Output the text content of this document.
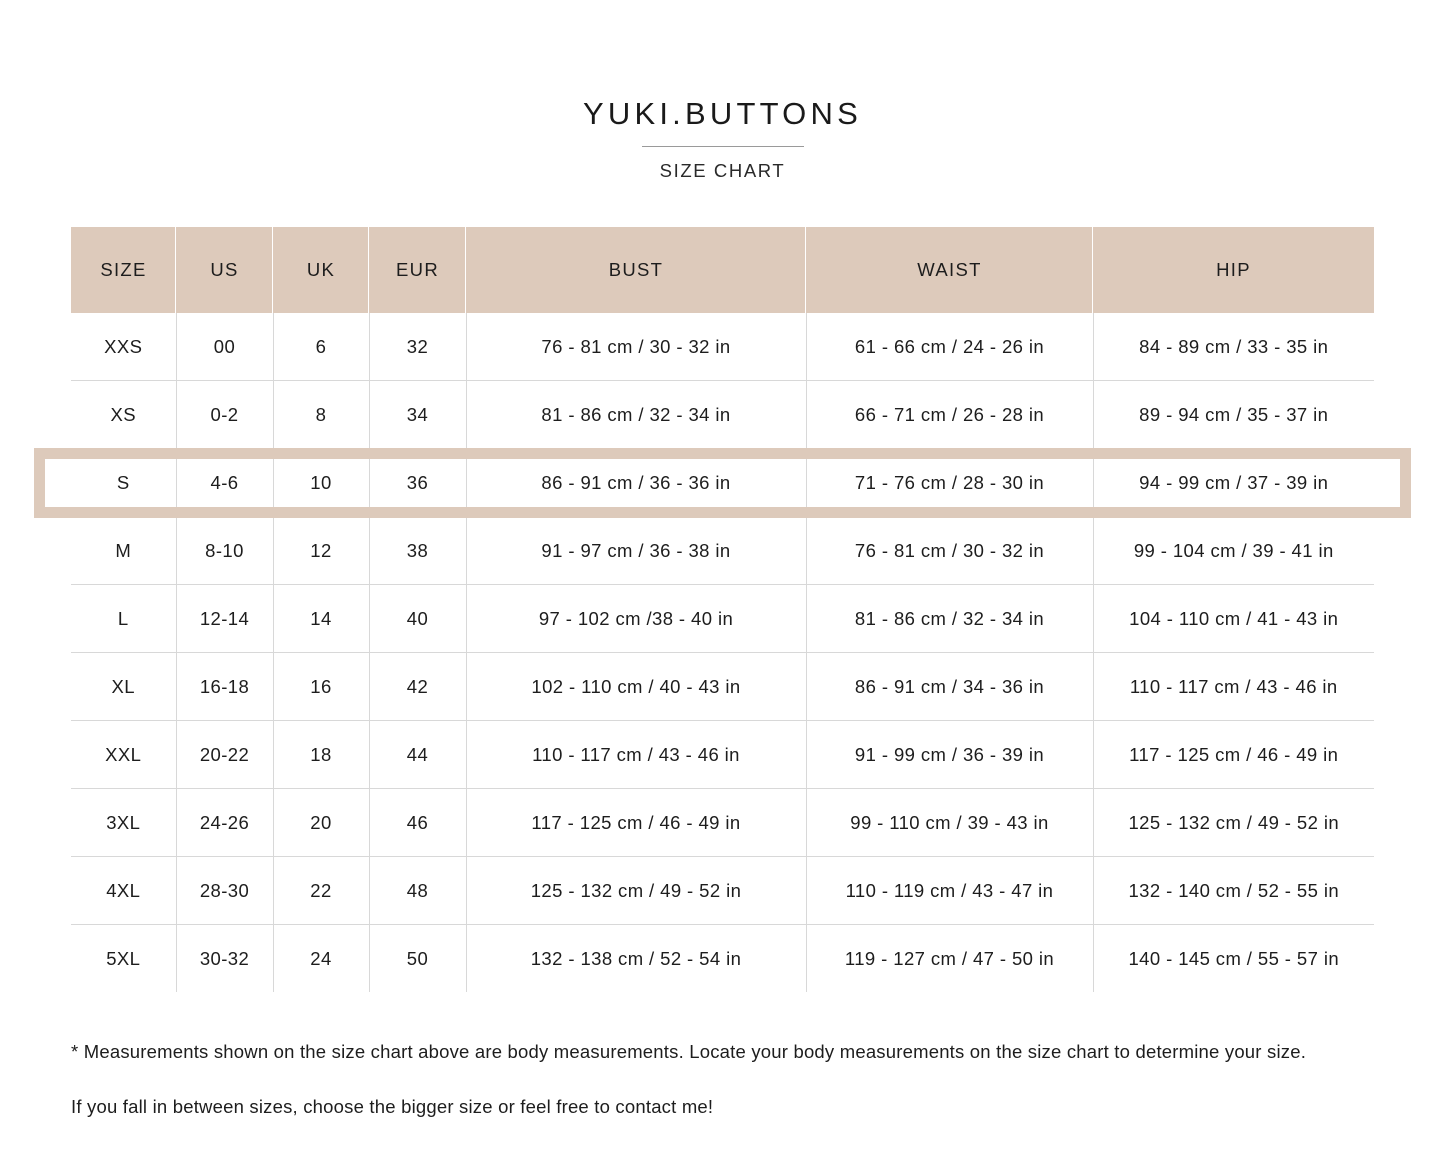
YUKI.BUTTONS
SIZE CHART
SIZE	US	UK	EUR	BUST	WAIST	HIP
XXS	00	6	32	76 - 81 cm / 30 - 32 in	61 - 66 cm / 24 - 26 in	84 - 89 cm / 33 - 35 in
XS	0-2	8	34	81 - 86 cm / 32 - 34 in	66 - 71 cm / 26 - 28 in	89 - 94 cm / 35 - 37 in
S	4-6	10	36	86 - 91 cm / 36 - 36 in	71 - 76 cm / 28 - 30 in	94 - 99 cm / 37 - 39 in
M	8-10	12	38	91 - 97 cm / 36 - 38 in	76 - 81 cm / 30 - 32 in	99 - 104 cm / 39 - 41 in
L	12-14	14	40	97 - 102 cm /38 - 40 in	81 - 86 cm / 32 - 34 in	104 - 110 cm / 41 - 43 in
XL	16-18	16	42	102 - 110 cm / 40 - 43 in	86 - 91 cm / 34 - 36 in	110 - 117 cm / 43 - 46 in
XXL	20-22	18	44	110 - 117 cm / 43 - 46 in	91 - 99 cm / 36 - 39 in	117 - 125 cm / 46 - 49 in
3XL	24-26	20	46	117 - 125 cm / 46 - 49 in	99 - 110 cm / 39 - 43 in	125 - 132 cm / 49 - 52 in
4XL	28-30	22	48	125 - 132 cm / 49 - 52 in	110 - 119 cm / 43 - 47 in	132 - 140 cm / 52 - 55 in
5XL	30-32	24	50	132 - 138 cm / 52 - 54 in	119 - 127 cm / 47 - 50 in	140 - 145 cm / 55 - 57 in

* Measurements shown on the size chart above are body measurements. Locate your body measurements on the size chart to determine your size.

If you fall in between sizes, choose the bigger size or feel free to contact me!
